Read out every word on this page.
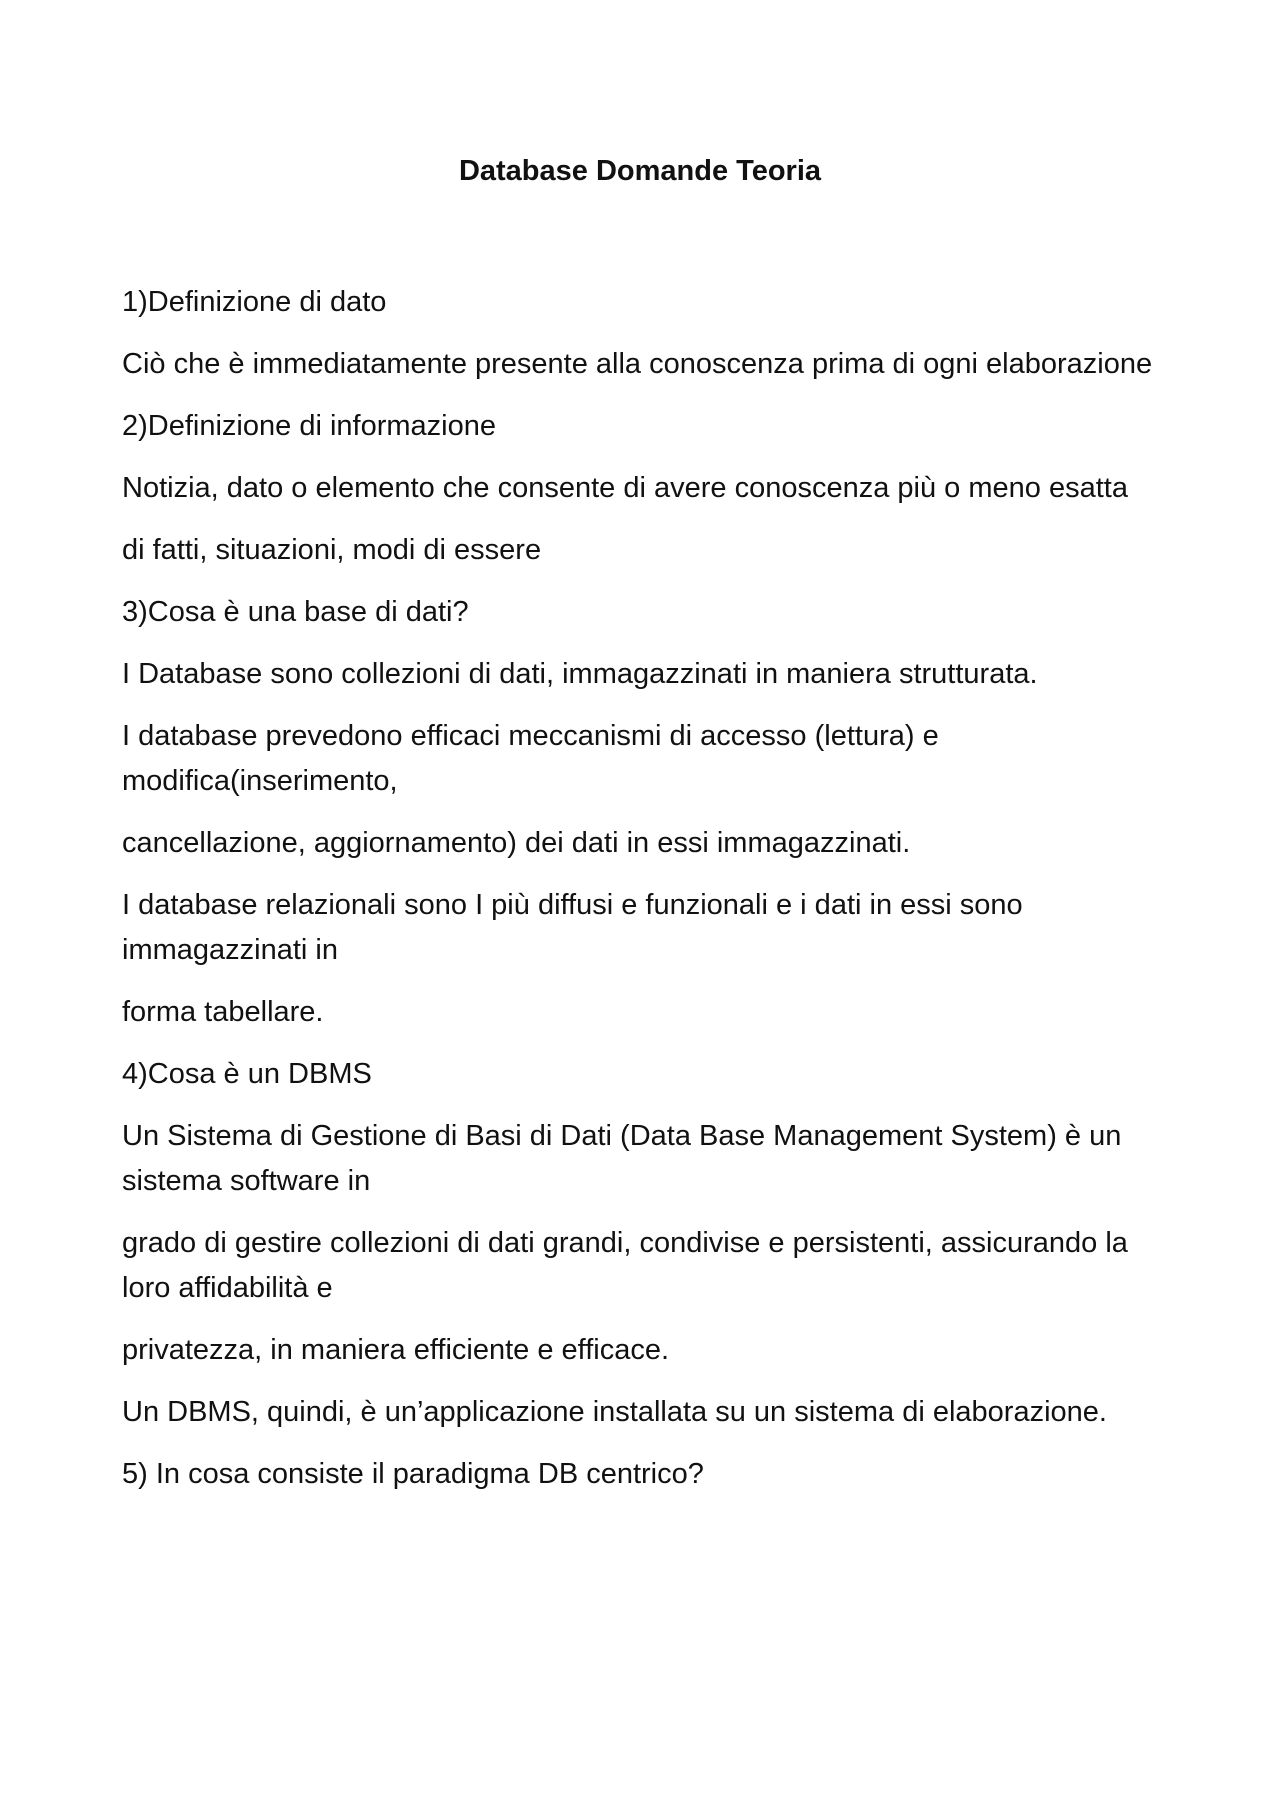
Database Domande Teoria

1)Definizione di dato

Ciò che è immediatamente presente alla conoscenza prima di ogni elaborazione

2)Definizione di informazione

Notizia, dato o elemento che consente di avere conoscenza più o meno esatta

di fatti, situazioni, modi di essere

3)Cosa è una base di dati?

I Database sono collezioni di dati, immagazzinati in maniera strutturata.

I database prevedono efficaci meccanismi di accesso (lettura) e modifica(inserimento,

cancellazione, aggiornamento) dei dati in essi immagazzinati.

I database relazionali sono I più diffusi e funzionali e i dati in essi sono immagazzinati in

forma tabellare.

4)Cosa è un DBMS

Un Sistema di Gestione di Basi di Dati (Data Base Management System) è un sistema software in

grado di gestire collezioni di dati grandi, condivise e persistenti, assicurando la loro affidabilità e

privatezza, in maniera efficiente e efficace.

Un DBMS, quindi, è un’applicazione installata su un sistema di elaborazione.

5) In cosa consiste il paradigma DB centrico?
